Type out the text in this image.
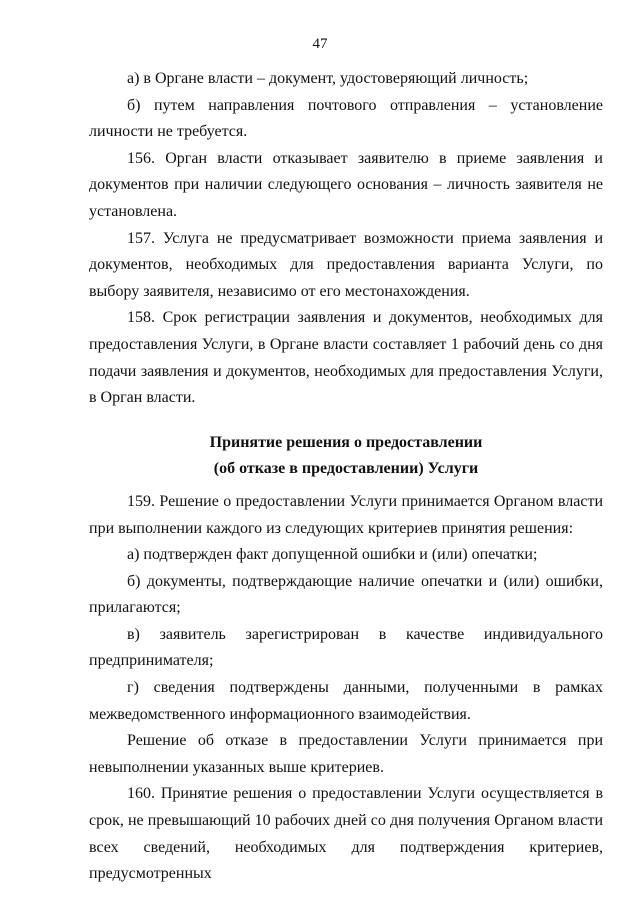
47

а) в Органе власти – документ, удостоверяющий личность;

б) путем направления почтового отправления – установление личности не требуется.

156. Орган власти отказывает заявителю в приеме заявления и документов при наличии следующего основания – личность заявителя не установлена.

157. Услуга не предусматривает возможности приема заявления и документов, необходимых для предоставления варианта Услуги, по выбору заявителя, независимо от его местонахождения.

158. Срок регистрации заявления и документов, необходимых для предоставления Услуги, в Органе власти составляет 1 рабочий день со дня подачи заявления и документов, необходимых для предоставления Услуги, в Орган власти.

Принятие решения о предоставлении

(об отказе в предоставлении) Услуги

159. Решение о предоставлении Услуги принимается Органом власти при выполнении каждого из следующих критериев принятия решения:

а) подтвержден факт допущенной ошибки и (или) опечатки;

б) документы, подтверждающие наличие опечатки и (или) ошибки, прилагаются;

в) заявитель зарегистрирован в качестве индивидуального предпринимателя;

г) сведения подтверждены данными, полученными в рамках межведомственного информационного взаимодействия.

Решение об отказе в предоставлении Услуги принимается при невыполнении указанных выше критериев.

160. Принятие решения о предоставлении Услуги осуществляется в срок, не превышающий 10 рабочих дней со дня получения Органом власти всех сведений, необходимых для подтверждения критериев, предусмотренных
